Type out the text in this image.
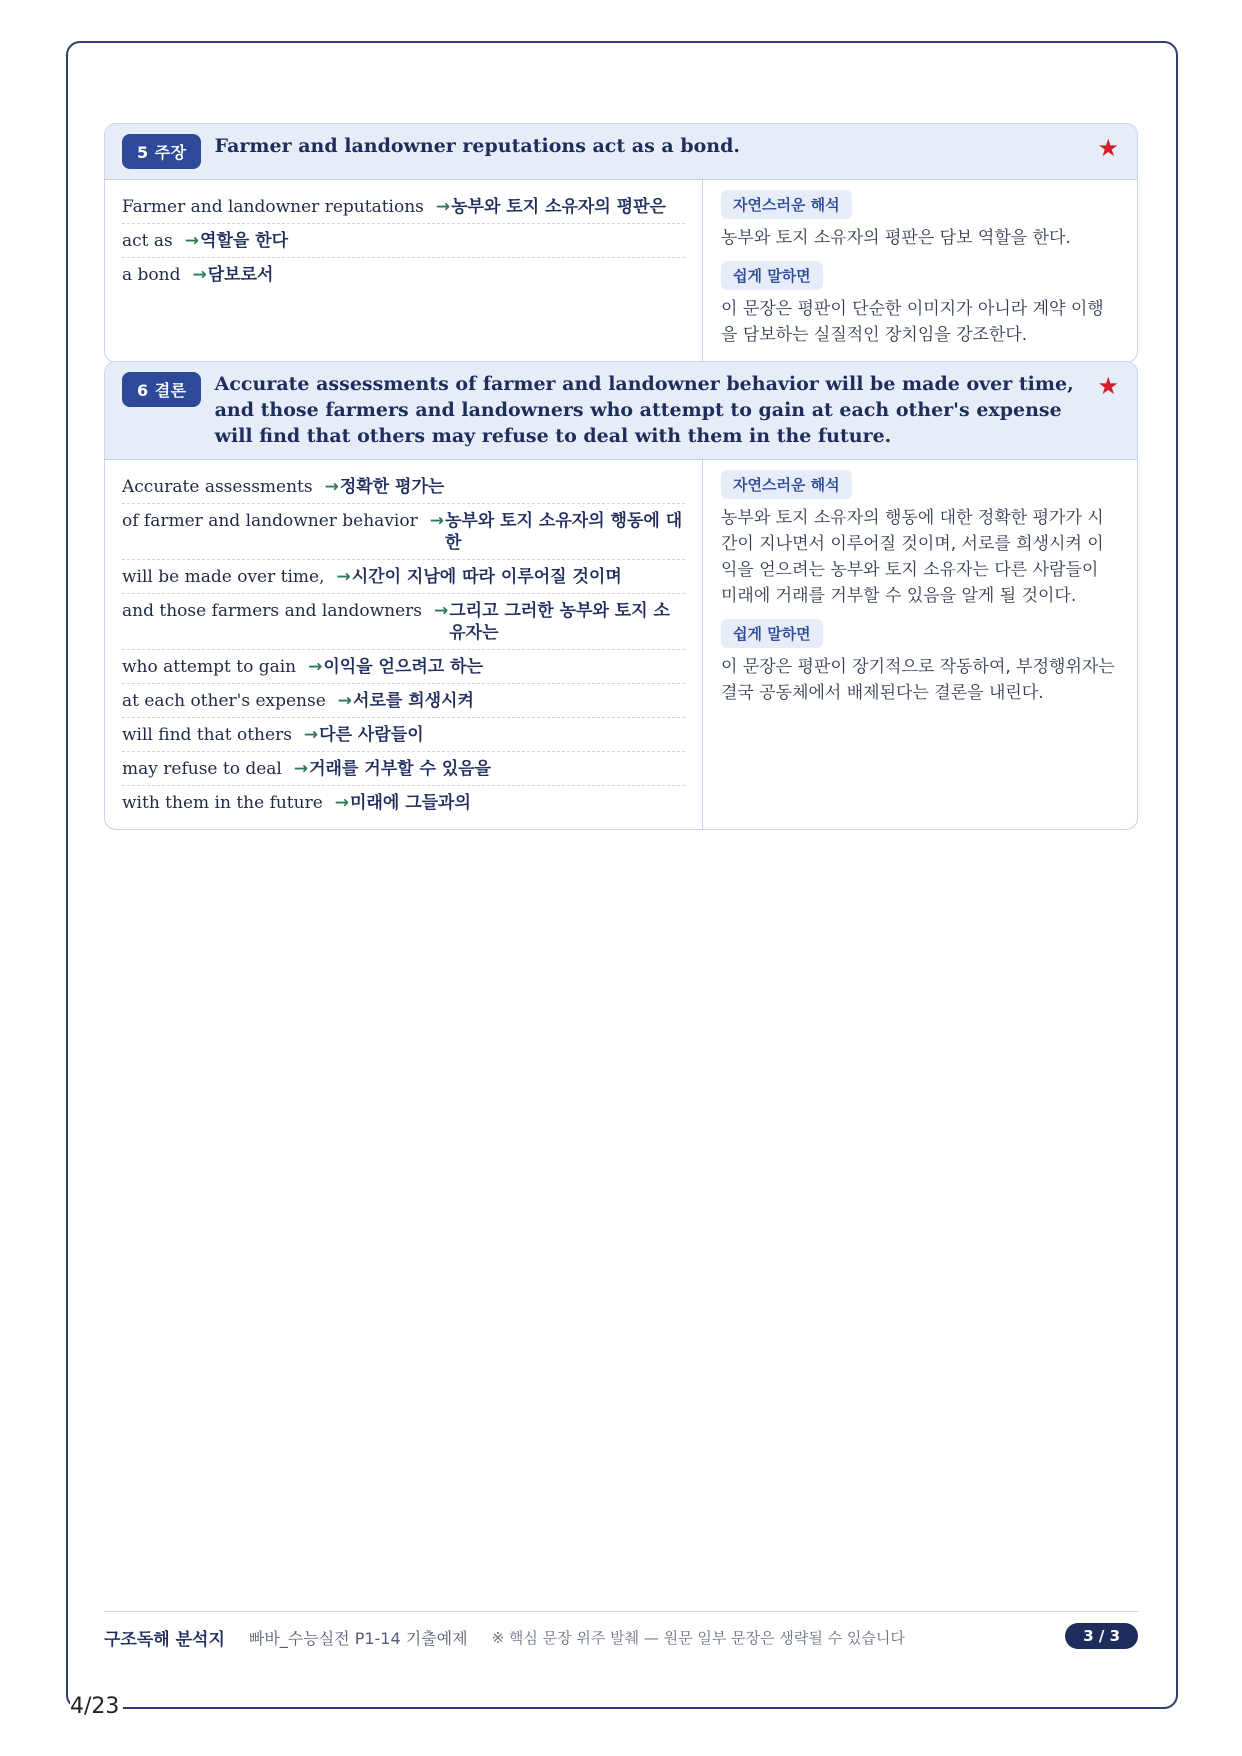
5 주장	Farmer and landowner reputations act as a bond.	★
Farmer and landowner reputations → 농부와 토지 소유자의 평판은
act as → 역할을 한다
a bond → 담보로서
자연스러운 해석
농부와 토지 소유자의 평판은 담보 역할을 한다.
쉽게 말하면
이 문장은 평판이 단순한 이미지가 아니라 계약 이행을 담보하는 실질적인 장치임을 강조한다.
6 결론	Accurate assessments of farmer and landowner behavior will be made over time, and those farmers and landowners who attempt to gain at each other's expense will find that others may refuse to deal with them in the future.
★
Accurate assessments → 정확한 평가는
of farmer and landowner behavior → 농부와 토지 소유자의 행동에 대한
will be made over time, → 시간이 지남에 따라 이루어질 것이며
and those farmers and landowners → 그리고 그러한 농부와 토지 소유자는
who attempt to gain → 이익을 얻으려고 하는
at each other's expense → 서로를 희생시켜
will find that others → 다른 사람들이
may refuse to deal → 거래를 거부할 수 있음을
with them in the future → 미래에 그들과의
자연스러운 해석
농부와 토지 소유자의 행동에 대한 정확한 평가가 시간이 지나면서 이루어질 것이며, 서로를 희생시켜 이익을 얻으려는 농부와 토지 소유자는 다른 사람들이 미래에 거래를 거부할 수 있음을 알게 될 것이다.
쉽게 말하면
이 문장은 평판이 장기적으로 작동하여, 부정행위자는 결국 공동체에서 배제된다는 결론을 내린다.
구조독해 분석지 빠바_수능실전 P1-14 기출예제 ※ 핵심 문장 위주 발췌 — 원문 일부 문장은 생략될 수 있습니다	3 / 3
4/23
